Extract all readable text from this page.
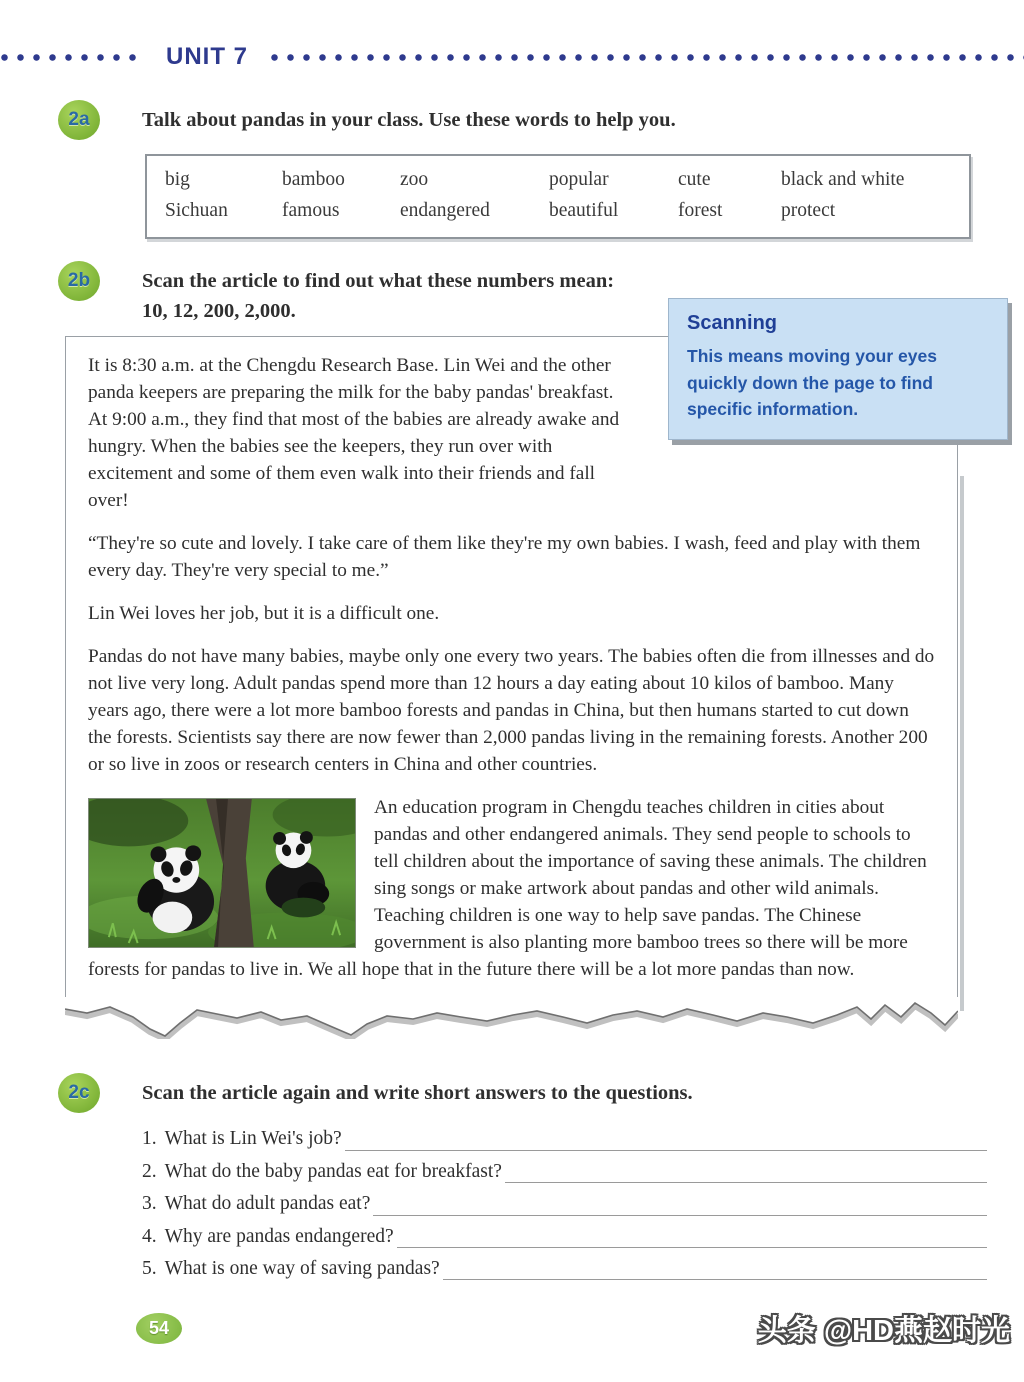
UNIT 7
2a	Talk about pandas in your class. Use these words to help you.
big	bamboo	zoo	popular	cute	black and white
Sichuan	famous	endangered	beautiful	forest	protect
2b	Scan the article to find out what these numbers mean:
10, 12, 200, 2,000.
Scanning
This means moving your eyes quickly down the page to find specific information.

It is 8:30 a.m. at the Chengdu Research Base. Lin Wei and the other panda keepers are preparing the milk for the baby pandas' breakfast. At 9:00 a.m., they find that most of the babies are already awake and hungry. When the babies see the keepers, they run over with excitement and some of them even walk into their friends and fall over!

“They're so cute and lovely. I take care of them like they're my own babies. I wash, feed and play with them every day. They're very special to me.”

Lin Wei loves her job, but it is a difficult one.

Pandas do not have many babies, maybe only one every two years. The babies often die from illnesses and do not live very long. Adult pandas spend more than 12 hours a day eating about 10 kilos of bamboo. Many years ago, there were a lot more bamboo forests and pandas in China, but then humans started to cut down the forests. Scientists say there are now fewer than 2,000 pandas living in the remaining forests. Another 200 or so live in zoos or research centers in China and other countries.

An education program in Chengdu teaches children in cities about pandas and other endangered animals. They send people to schools to tell children about the importance of saving these animals. The children sing songs or make artwork about pandas and other wild animals. Teaching children is one way to help save pandas. The Chinese government is also planting more bamboo trees so there will be more forests for pandas to live in. We all hope that in the future there will be a lot more pandas than now.

2c	Scan the article again and write short answers to the questions.
1. What is Lin Wei's job?
2. What do the baby pandas eat for breakfast?
3. What do adult pandas eat?
4. Why are pandas endangered?
5. What is one way of saving pandas?
54	头条 @HD燕赵时光
